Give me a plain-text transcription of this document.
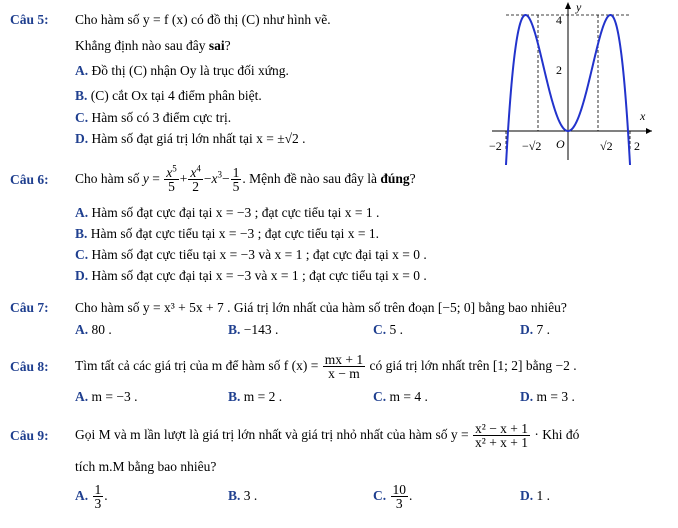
Câu 5: Cho hàm số y = f (x) có đồ thị (C) như hình vẽ.
Khẳng định nào sau đây sai?
A. Đồ thị (C) nhận Oy là trục đối xứng.
B. (C) cắt Ox tại 4 điểm phân biệt.
C. Hàm số có 3 điểm cực trị.
D. Hàm số đạt giá trị lớn nhất tại x = ±√2 .
y
x
4
2
−2 −√2 O	√2 2
Câu 6: Cho hàm số $y = \frac{x^5}{5} + \frac{x^4}{2} -x^3- \frac{1}{5}$ . Mệnh đề nào sau đây là đúng?
A. Hàm số đạt cực đại tại x = −3 ; đạt cực tiểu tại x = 1 .
B. Hàm số đạt cực tiểu tại x = −3 ; đạt cực tiểu tại x = 1.
C. Hàm số đạt cực tiểu tại x = −3 và x = 1 ; đạt cực đại tại x = 0 .
D. Hàm số đạt cực đại tại x = −3 và x = 1 ; đạt cực tiểu tại x = 0 .
Câu 7: Cho hàm số y = x³ + 5x + 7 . Giá trị lớn nhất của hàm số trên đoạn [−5; 0] bằng bao nhiêu?
A. 80 .	B. −143 .	C. 5 .	D. 7 .
Câu 8: Tìm tất cả các giá trị của m để hàm số f $(x) = \frac{mx + 1}{x - m}$ có giá trị lớn nhất trên [1; 2] bằng −2 .
A. m = −3 .	B. m = 2 .	C. m = 4 .	D. m = 3 .
Câu 9: Gọi M và m lần lượt là giá trị lớn nhất và giá trị nhỏ nhất của hàm số $y = \frac{\text{x² − x + 1}}{\text{x² + x + 1}}$ · Khi đó
tích m.M bằng bao nhiêu?
A. $\frac{1}{3}$ .	B. 3 .	C. $\frac{10}{3}$ .	D. 1 .
